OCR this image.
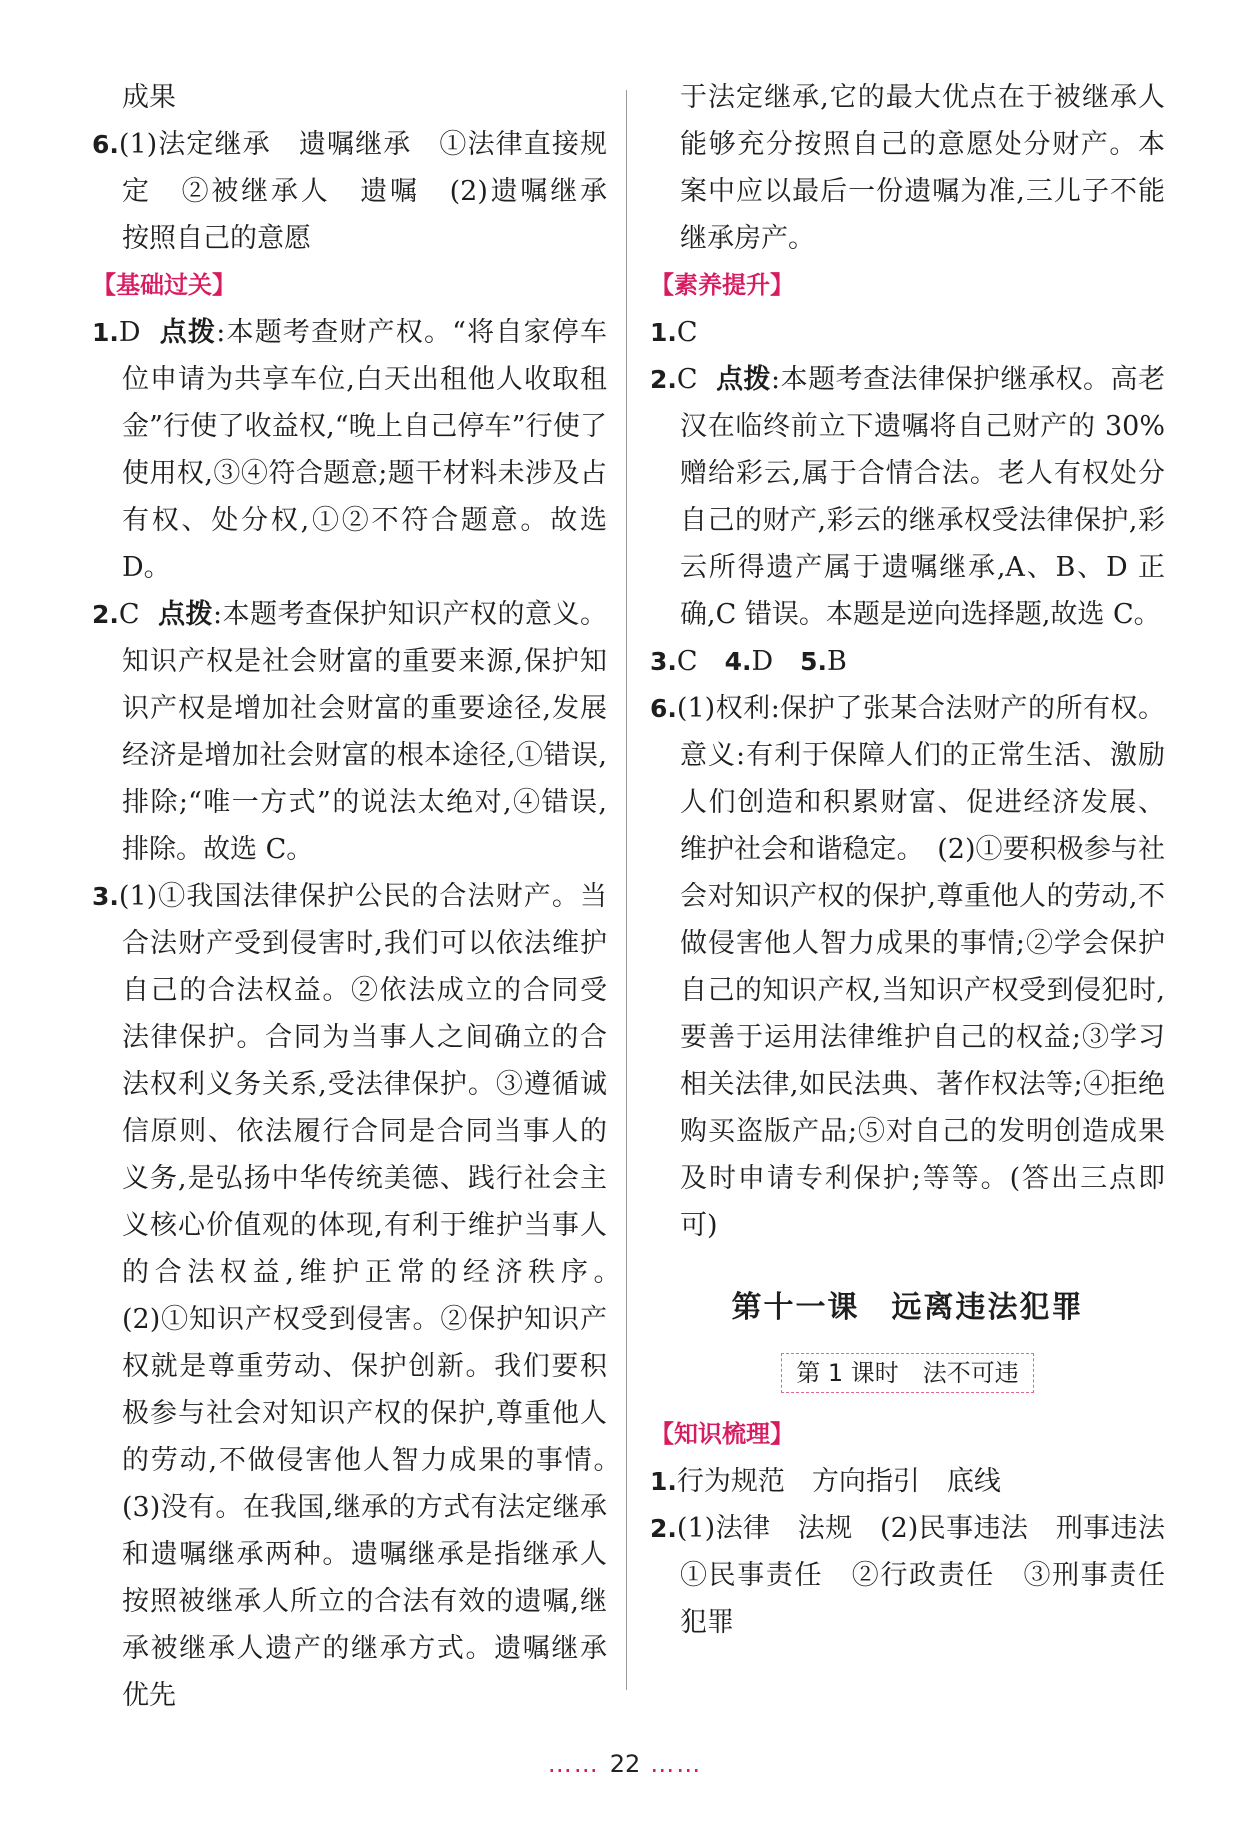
成果

6.(1)法定继承　遗嘱继承　①法律直接规定　②被继承人　遗嘱　(2)遗嘱继承　按照自己的意愿

【基础过关】

1.D 点拨:本题考查财产权。“将自家停车位申请为共享车位,白天出租他人收取租金”行使了收益权,“晚上自己停车”行使了使用权,③④符合题意;题干材料未涉及占有权、处分权,①②不符合题意。故选 D。

2.C 点拨:本题考查保护知识产权的意义。知识产权是社会财富的重要来源,保护知识产权是增加社会财富的重要途径,发展经济是增加社会财富的根本途径,①错误,排除;“唯一方式”的说法太绝对,④错误,排除。故选 C。

3.(1)①我国法律保护公民的合法财产。当合法财产受到侵害时,我们可以依法维护自己的合法权益。②依法成立的合同受法律保护。合同为当事人之间确立的合法权利义务关系,受法律保护。③遵循诚信原则、依法履行合同是合同当事人的义务,是弘扬中华传统美德、践行社会主义核心价值观的体现,有利于维护当事人的合法权益,维护正常的经济秩序。　(2)①知识产权受到侵害。②保护知识产权就是尊重劳动、保护创新。我们要积极参与社会对知识产权的保护,尊重他人的劳动,不做侵害他人智力成果的事情。　(3)没有。在我国,继承的方式有法定继承和遗嘱继承两种。遗嘱继承是指继承人按照被继承人所立的合法有效的遗嘱,继承被继承人遗产的继承方式。遗嘱继承优先

于法定继承,它的最大优点在于被继承人能够充分按照自己的意愿处分财产。本案中应以最后一份遗嘱为准,三儿子不能继承房产。

【素养提升】

1.C

2.C 点拨:本题考查法律保护继承权。高老汉在临终前立下遗嘱将自己财产的 30%赠给彩云,属于合情合法。老人有权处分自己的财产,彩云的继承权受法律保护,彩云所得遗产属于遗嘱继承,A、B、D 正确,C 错误。本题是逆向选择题,故选 C。

3.C　 4.D　 5.B

6.(1)权利:保护了张某合法财产的所有权。意义:有利于保障人们的正常生活、激励人们创造和积累财富、促进经济发展、维护社会和谐稳定。　(2)①要积极参与社会对知识产权的保护,尊重他人的劳动,不做侵害他人智力成果的事情;②学会保护自己的知识产权,当知识产权受到侵犯时,要善于运用法律维护自己的权益;③学习相关法律,如民法典、著作权法等;④拒绝购买盗版产品;⑤对自己的发明创造成果及时申请专利保护;等等。(答出三点即可)

第十一课　远离违法犯罪
第 1 课时　法不可违
【知识梳理】

1.行为规范　方向指引　底线

2.(1)法律　法规　(2)民事违法　刑事违法　①民事责任　②行政责任　③刑事责任　犯罪

…… 22 ……
